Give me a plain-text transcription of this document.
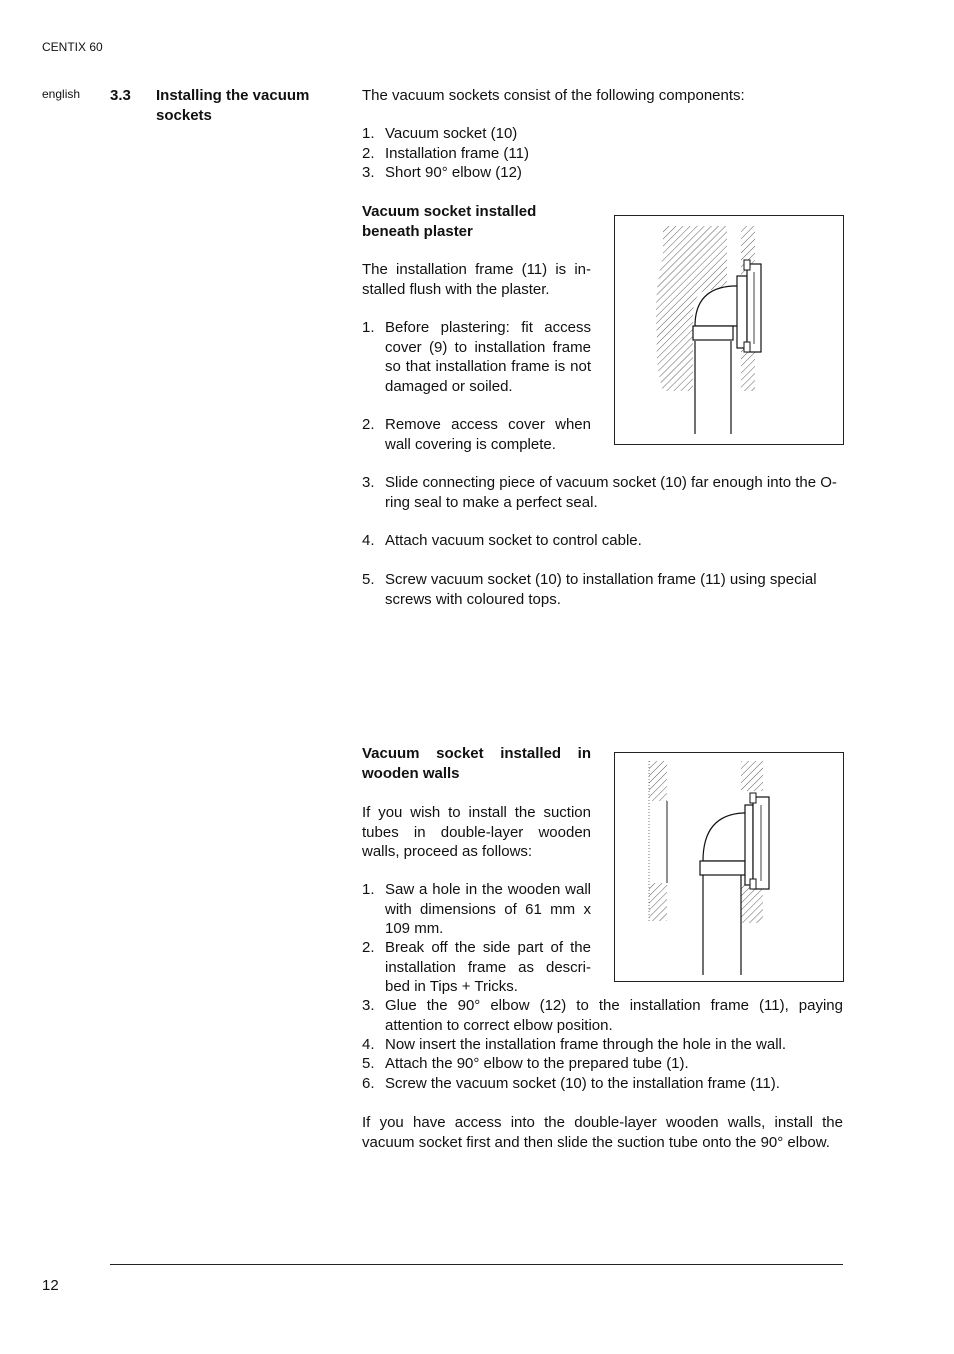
CENTIX 60
english 3.3 Installing the vacuum sockets
The vacuum sockets consist of the following components:
1. Vacuum socket (10)
2. Installation frame (11)
3. Short 90° elbow (12)
Vacuum socket installed beneath plaster
The installation frame (11) is in-stalled flush with the plaster.
1. Before plastering: fit access cover (9) to installation frame so that installation frame is not damaged or soiled.
2. Remove access cover when wall covering is complete.
3. Slide connecting piece of vacuum socket (10) far enough into the O-ring seal to make a perfect seal.
4. Attach vacuum socket to control cable.
5. Screw vacuum socket (10) to installation frame (11) using special screws with coloured tops.
Vacuum socket installed in wooden walls
If you wish to install the suction tubes in double-layer wooden walls, proceed as follows:
1. Saw a hole in the wooden wall with dimensions of 61 mm x 109 mm.
2. Break off the side part of the installation frame as descri-bed in Tips + Tricks.
3. Glue the 90° elbow (12) to the installation frame (11), paying attention to correct elbow position.
4. Now insert the installation frame through the hole in the wall.
5. Attach the 90° elbow to the prepared tube (1).
6. Screw the vacuum socket (10) to the installation frame (11).
If you have access into the double-layer wooden walls, install the vacuum socket first and then slide the suction tube onto the 90° elbow.
12
